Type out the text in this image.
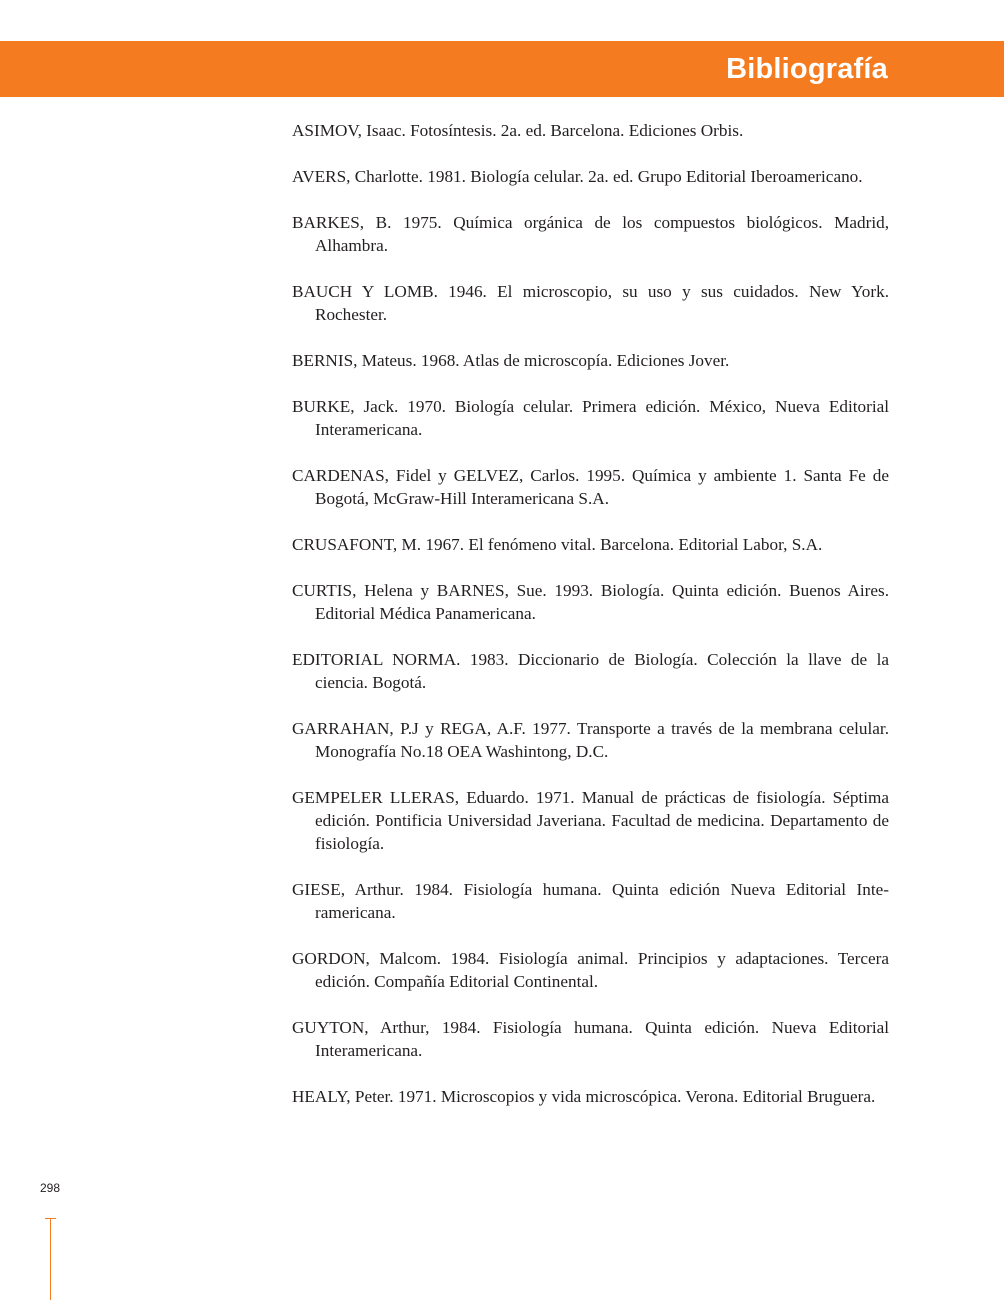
Bibliografía
ASIMOV, Isaac. Fotosíntesis. 2a. ed. Barcelona. Ediciones Orbis.
AVERS, Charlotte. 1981. Biología celular. 2a. ed. Grupo Editorial Iberoamericano.
BARKES, B. 1975. Química orgánica de los compuestos biológicos. Madrid, Alhambra.
BAUCH Y LOMB. 1946. El microscopio, su uso y sus cuidados. New York. Rochester.
BERNIS, Mateus. 1968. Atlas de microscopía. Ediciones Jover.
BURKE, Jack. 1970. Biología celular. Primera edición. México, Nueva Editorial Interamericana.
CARDENAS, Fidel y GELVEZ, Carlos. 1995. Química y ambiente 1. Santa Fe de Bogotá, McGraw-Hill Interamericana S.A.
CRUSAFONT, M. 1967. El fenómeno vital. Barcelona. Editorial Labor, S.A.
CURTIS, Helena y BARNES, Sue. 1993. Biología. Quinta edición. Buenos Aires. Editorial Médica Panamericana.
EDITORIAL NORMA. 1983. Diccionario de Biología. Colección la llave de la ciencia. Bogotá.
GARRAHAN, P.J y REGA, A.F. 1977. Transporte a través de la membrana celular. Monografía No.18 OEA Washintong, D.C.
GEMPELER LLERAS, Eduardo. 1971. Manual de prácticas de fisiología. Séptima edición. Pontificia Universidad Javeriana. Facultad de medicina. Departamento de fisiología.
GIESE, Arthur. 1984. Fisiología humana. Quinta edición Nueva Editorial Interamericana.
GORDON, Malcom. 1984. Fisiología animal. Principios y adaptaciones. Tercera edición. Compañía Editorial Continental.
GUYTON, Arthur, 1984. Fisiología humana. Quinta edición. Nueva Editorial Interamericana.
HEALY, Peter. 1971. Microscopios y vida microscópica. Verona. Editorial Bruguera.
298
